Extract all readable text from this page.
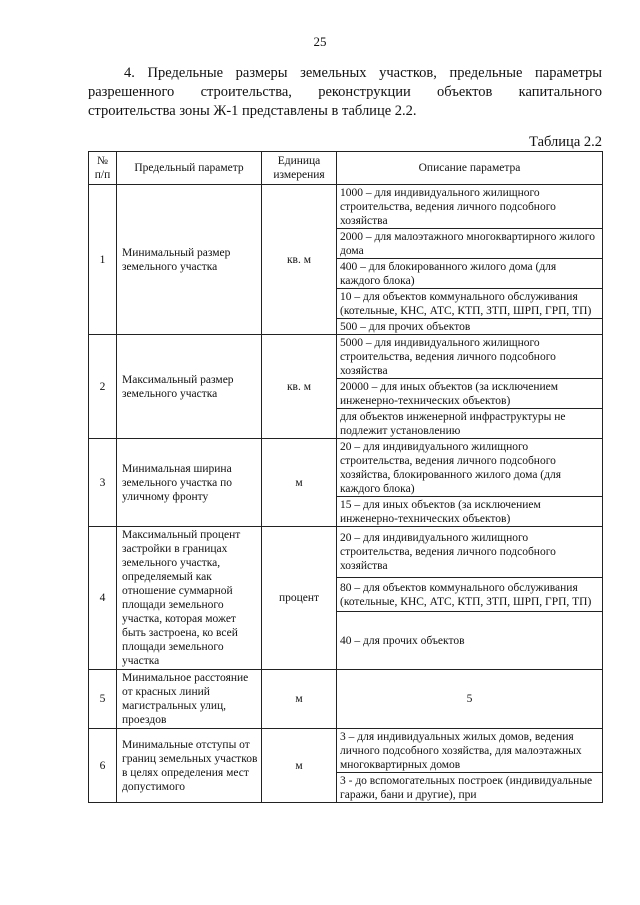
25
4. Предельные размеры земельных участков, предельные параметры разрешенного строительства, реконструкции объектов капитального строительства зоны Ж-1 представлены в таблице 2.2.
Таблица 2.2
№ п/п	Предельный параметр	Единица измерения	Описание параметра
1	Минимальный размер земельного участка	кв. м	1000 – для индивидуального жилищного строительства, ведения личного подсобного хозяйства
			2000 – для малоэтажного многоквартирного жилого дома
			400 – для блокированного жилого дома (для каждого блока)
			10 – для объектов коммунального обслуживания (котельные, КНС, АТС, КТП, ЗТП, ШРП, ГРП, ТП)
			500 – для прочих объектов
2	Максимальный размер земельного участка	кв. м	5000 – для индивидуального жилищного строительства, ведения личного подсобного хозяйства
			20000 – для иных объектов (за исключением инженерно-технических объектов)
			для объектов инженерной инфраструктуры не подлежит установлению
3	Минимальная ширина земельного участка по уличному фронту	м	20 – для индивидуального жилищного строительства, ведения личного подсобного хозяйства, блокированного жилого дома (для каждого блока)
			15 – для иных объектов (за исключением инженерно-технических объектов)
4	Максимальный процент застройки в границах земельного участка, определяемый как отношение суммарной площади земельного участка, которая может быть застроена, ко всей площади земельного участка	процент	20 – для индивидуального жилищного строительства, ведения личного подсобного хозяйства
			80 – для объектов коммунального обслуживания (котельные, КНС, АТС, КТП, ЗТП, ШРП, ГРП, ТП)
			40 – для прочих объектов
5	Минимальное расстояние от красных линий магистральных улиц, проездов	м	5
6	Минимальные отступы от границ земельных участков в целях определения мест допустимого	м	3 – для индивидуальных жилых домов, ведения личного подсобного хозяйства, для малоэтажных многоквартирных домов
			3 - до вспомогательных построек (индивидуальные гаражи, бани и другие), при
